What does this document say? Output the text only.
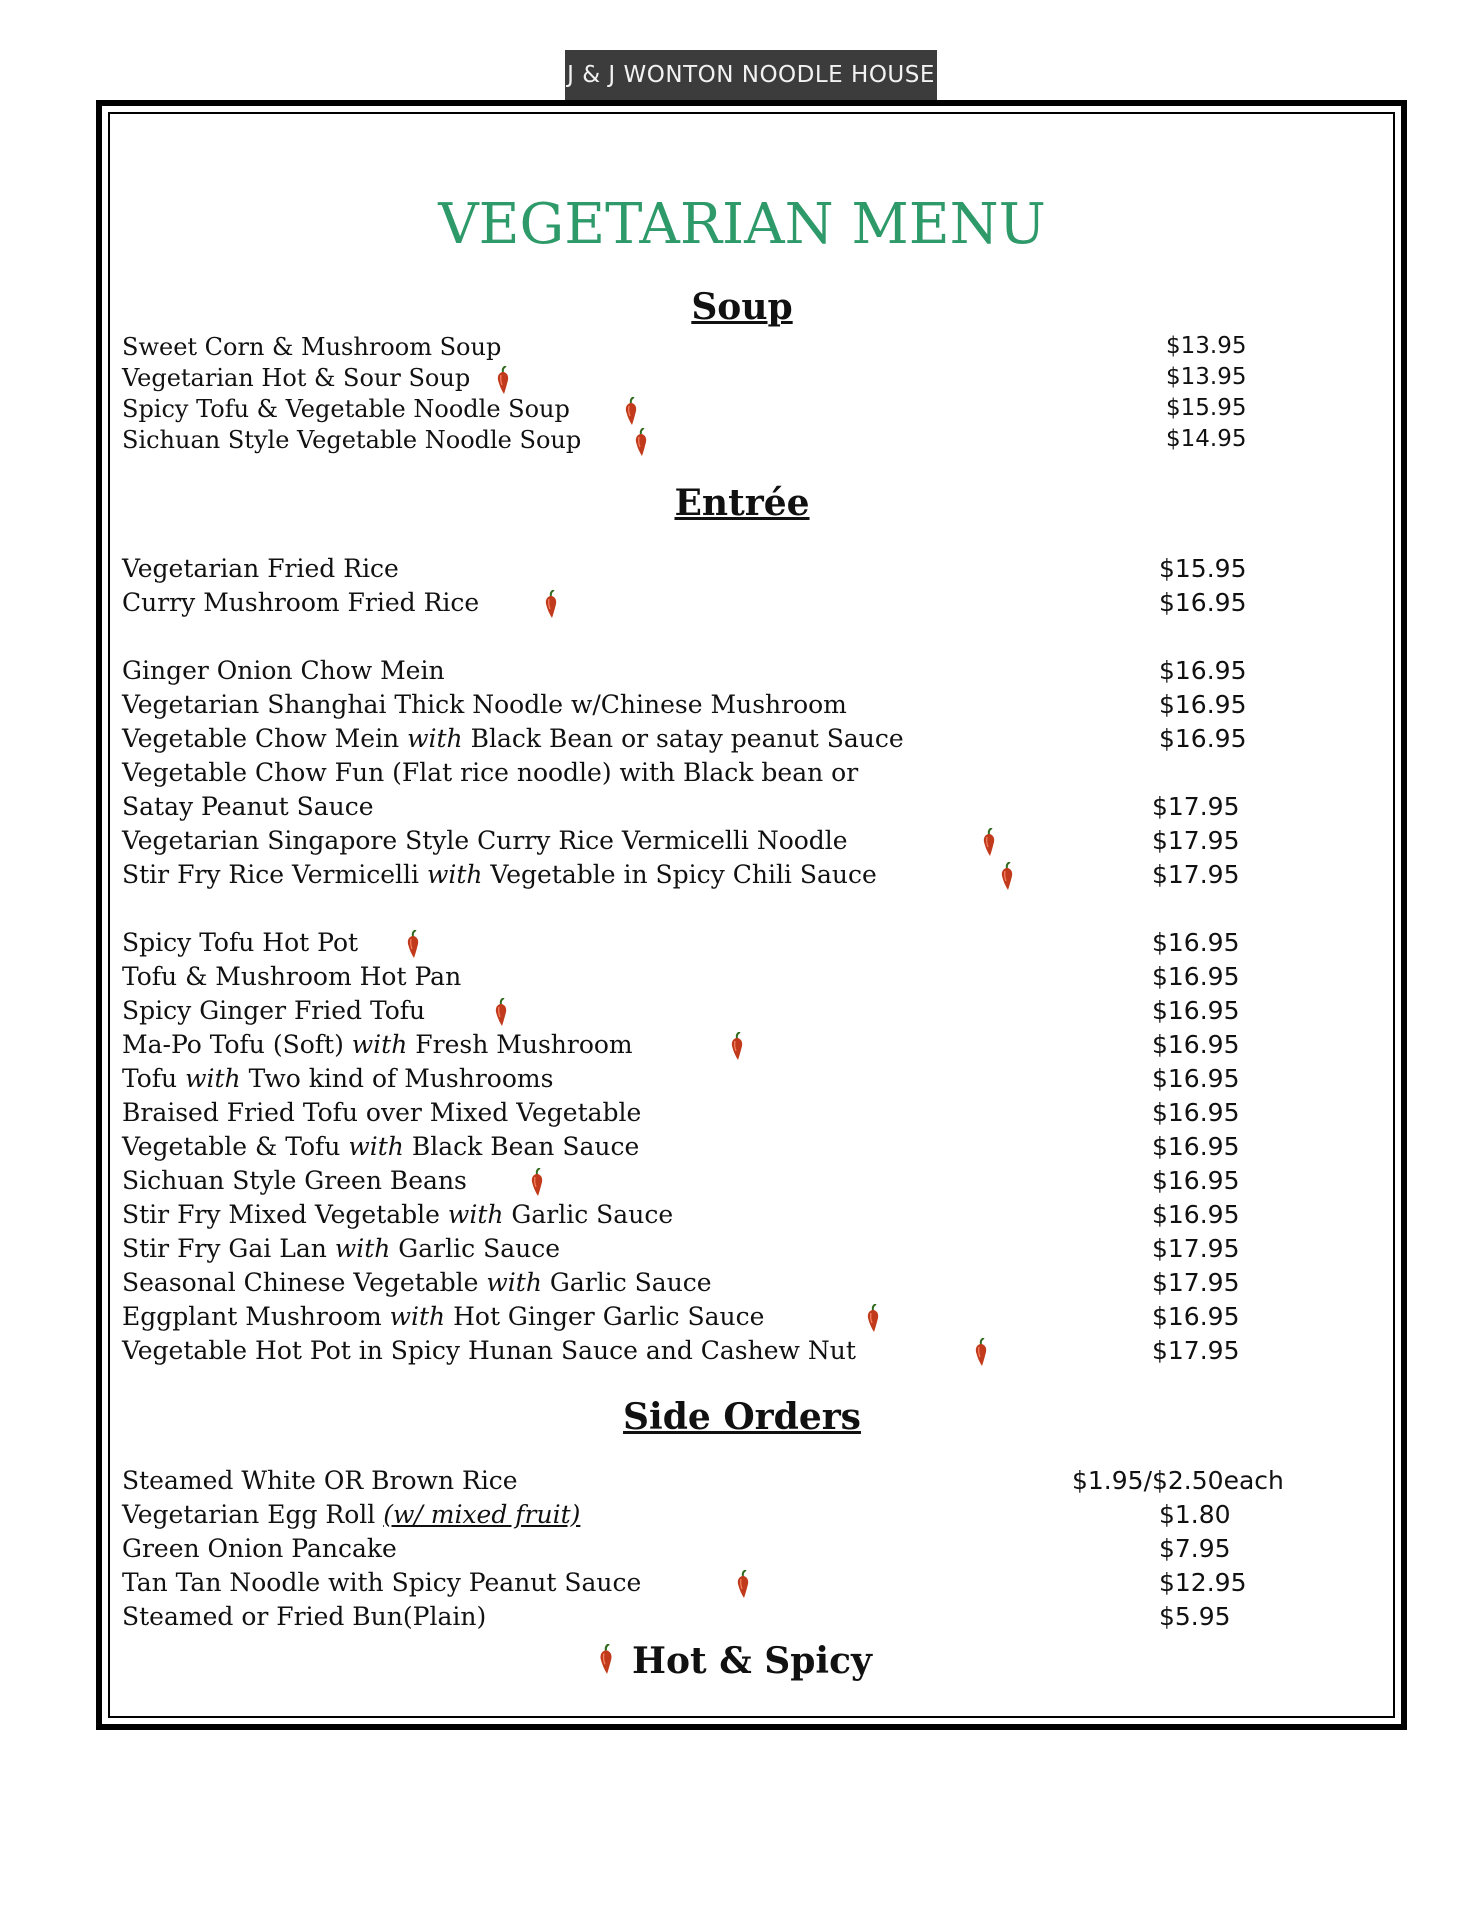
J & J WONTON NOODLE HOUSE
VEGETARIAN MENU
Soup
Sweet Corn & Mushroom Soup	$13.95
Vegetarian Hot & Sour Soup	$13.95
Spicy Tofu & Vegetable Noodle Soup	$15.95
Sichuan Style Vegetable Noodle Soup	$14.95
Entrée
Vegetarian Fried Rice	$15.95
Curry Mushroom Fried Rice	$16.95
Ginger Onion Chow Mein	$16.95
Vegetarian Shanghai Thick Noodle w/Chinese Mushroom	$16.95
Vegetable Chow Mein with Black Bean or satay peanut Sauce	$16.95
Vegetable Chow Fun (Flat rice noodle) with Black bean or
Satay Peanut Sauce	$17.95
Vegetarian Singapore Style Curry Rice Vermicelli Noodle	$17.95
Stir Fry Rice Vermicelli with Vegetable in Spicy Chili Sauce	$17.95
Spicy Tofu Hot Pot	$16.95
Tofu & Mushroom Hot Pan	$16.95
Spicy Ginger Fried Tofu	$16.95
Ma-Po Tofu (Soft) with Fresh Mushroom	$16.95
Tofu with Two kind of Mushrooms	$16.95
Braised Fried Tofu over Mixed Vegetable	$16.95
Vegetable & Tofu with Black Bean Sauce	$16.95
Sichuan Style Green Beans	$16.95
Stir Fry Mixed Vegetable with Garlic Sauce	$16.95
Stir Fry Gai Lan with Garlic Sauce	$17.95
Seasonal Chinese Vegetable with Garlic Sauce	$17.95
Eggplant Mushroom with Hot Ginger Garlic Sauce	$16.95
Vegetable Hot Pot in Spicy Hunan Sauce and Cashew Nut	$17.95
Side Orders
Steamed White OR Brown Rice	$1.95/$2.50each
Vegetarian Egg Roll (w/ mixed fruit)	$1.80
Green Onion Pancake	$7.95
Tan Tan Noodle with Spicy Peanut Sauce	$12.95
Steamed or Fried Bun(Plain)	$5.95
Hot & Spicy
